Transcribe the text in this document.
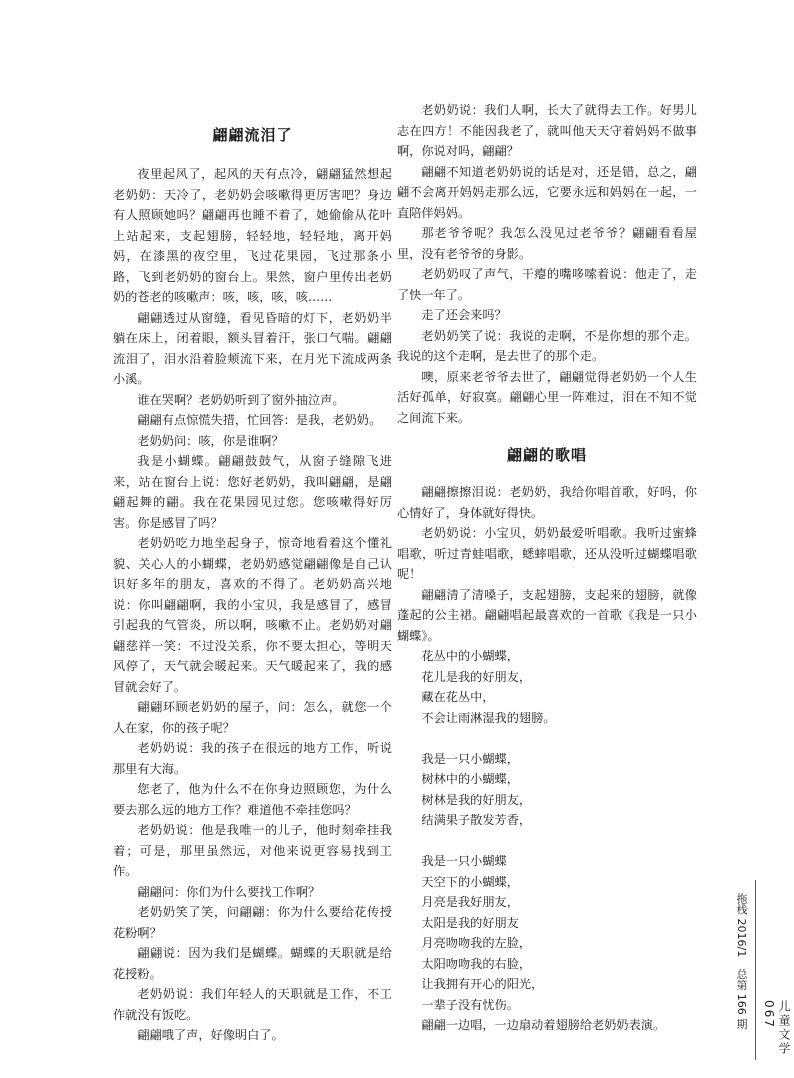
翩翩流泪了

夜里起风了，起风的天有点冷，翩翩猛然想起老奶奶：天冷了，老奶奶会咳嗽得更厉害吧？身边有人照顾她吗？翩翩再也睡不着了，她偷偷从花叶上站起来，支起翅膀，轻轻地，轻轻地，离开妈妈，在漆黑的夜空里，飞过花果园，飞过那条小路，飞到老奶奶的窗台上。果然，窗户里传出老奶奶的苍老的咳嗽声：咳，咳，咳，咳……

翩翩透过从窗缝，看见昏暗的灯下，老奶奶半躺在床上，闭着眼，额头冒着汗，张口气喘。翩翩流泪了，泪水沿着脸颊流下来，在月光下流成两条小溪。

谁在哭啊？老奶奶听到了窗外抽泣声。

翩翩有点惊慌失措，忙回答：是我，老奶奶。

老奶奶问：咳，你是谁啊？

我是小蝴蝶。翩翩鼓鼓气，从窗子缝隙飞进来，站在窗台上说：您好老奶奶，我叫翩翩，是翩翩起舞的翩。我在花果园见过您。您咳嗽得好厉害。你是感冒了吗？

老奶奶吃力地坐起身子，惊奇地看着这个懂礼貌、关心人的小蝴蝶，老奶奶感觉翩翩像是自己认识好多年的朋友，喜欢的不得了。老奶奶高兴地说：你叫翩翩啊，我的小宝贝，我是感冒了，感冒引起我的气管炎，所以啊，咳嗽不止。老奶奶对翩翩慈祥一笑：不过没关系，你不要太担心，等明天风停了，天气就会暖起来。天气暖起来了，我的感冒就会好了。

翩翩环顾老奶奶的屋子，问：怎么，就您一个人在家，你的孩子呢？

老奶奶说：我的孩子在很远的地方工作，听说那里有大海。

您老了，他为什么不在你身边照顾您，为什么要去那么远的地方工作？难道他不牵挂您吗？

老奶奶说：他是我唯一的儿子，他时刻牵挂我着；可是，那里虽然远，对他来说更容易找到工作。

翩翩问：你们为什么要找工作啊？

老奶奶笑了笑，问翩翩：你为什么要给花传授花粉啊？

翩翩说：因为我们是蝴蝶。蝴蝶的天职就是给花授粉。

老奶奶说：我们年轻人的天职就是工作，不工作就没有饭吃。

翩翩哦了声，好像明白了。

老奶奶说：我们人啊，长大了就得去工作。好男儿志在四方！不能因我老了，就叫他天天守着妈妈不做事啊，你说对吗，翩翩？

翩翩不知道老奶奶说的话是对，还是错，总之，翩翩不会离开妈妈走那么远，它要永远和妈妈在一起，一直陪伴妈妈。

那老爷爷呢？我怎么没见过老爷爷？翩翩看看屋里，没有老爷爷的身影。

老奶奶叹了声气，干瘪的嘴哆嗦着说：他走了，走了快一年了。

走了还会来吗？

老奶奶笑了说：我说的走啊，不是你想的那个走。我说的这个走啊，是去世了的那个走。

噢，原来老爷爷去世了，翩翩觉得老奶奶一个人生活好孤单，好寂寞。翩翩心里一阵难过，泪在不知不觉之间流下来。

翩翩的歌唱

翩翩擦擦泪说：老奶奶，我给你唱首歌，好吗，你心情好了，身体就好得快。

老奶奶说：小宝贝，奶奶最爱听唱歌。我听过蜜蜂唱歌，听过青蛙唱歌，蟋蟀唱歌，还从没听过蝴蝶唱歌呢！

翩翩清了清嗓子，支起翅膀，支起来的翅膀，就像蓬起的公主裙。翩翩唱起最喜欢的一首歌《我是一只小蝴蝶》。

花丛中的小蝴蝶，

花儿是我的好朋友，

藏在花丛中，

不会让雨淋湿我的翅膀。

我是一只小蝴蝶，

树林中的小蝴蝶，

树林是我的好朋友，

结满果子散发芳香，

我是一只小蝴蝶

天空下的小蝴蝶，

月亮是我好朋友，

太阳是我的好朋友

月亮吻吻我的左脸，

太阳吻吻我的右脸，

让我拥有开心的阳光，

一辈子没有忧伤。

翩翩一边唱，一边扇动着翅膀给老奶奶表演。	拖栈 2016/1　总第 166 期	儿童文学　067
